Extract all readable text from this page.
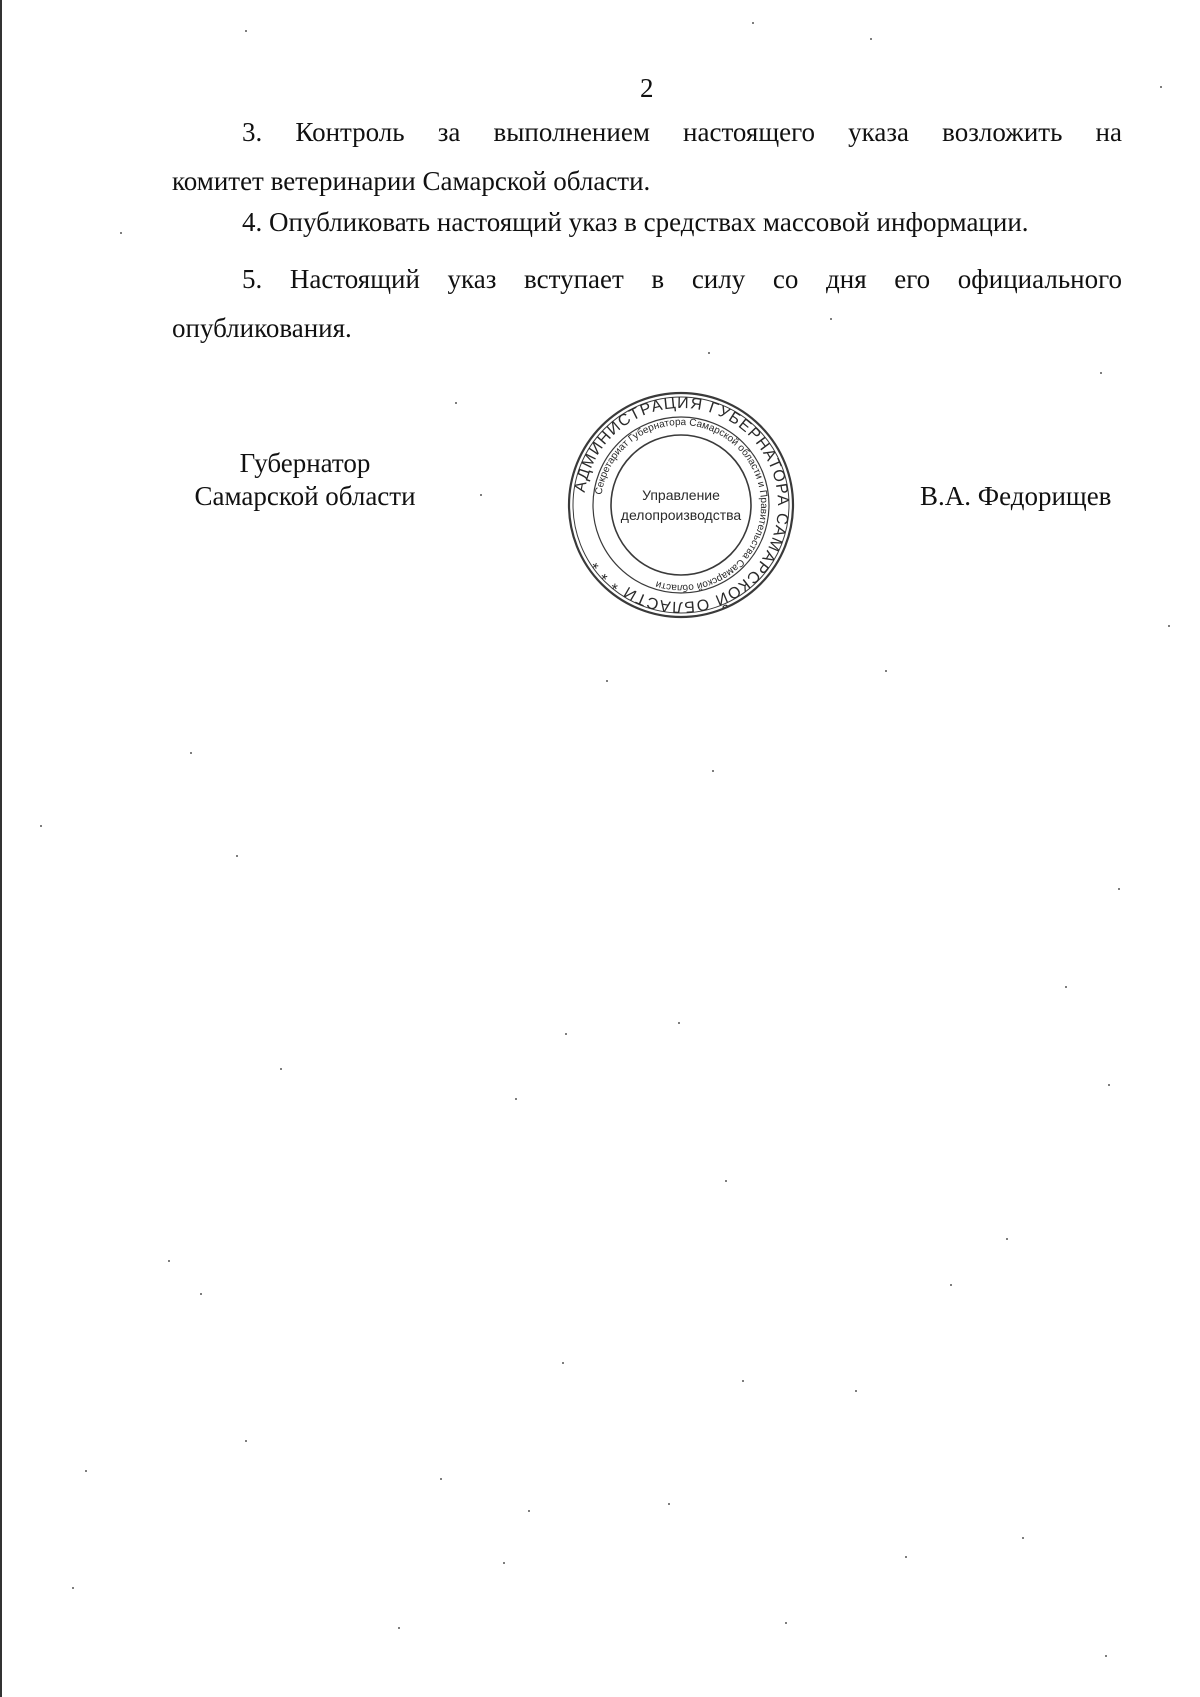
2
3. Контроль за выполнением настоящего указа возложить на
комитет ветеринарии Самарской области.
4. Опубликовать настоящий указ в средствах массовой информации.
5. Настоящий указ вступает в силу со дня его официального
опубликования.
Губернатор
Самарской области	АДМИНИСТРАЦИЯ ГУБЕРНАТОРА САМАРСКОЙ ОБЛАСТИ * * *
Секретариат Губернатора Самарской области и Правительства Самарской области
Управление
делопроизводства
В.А. Федорищев
